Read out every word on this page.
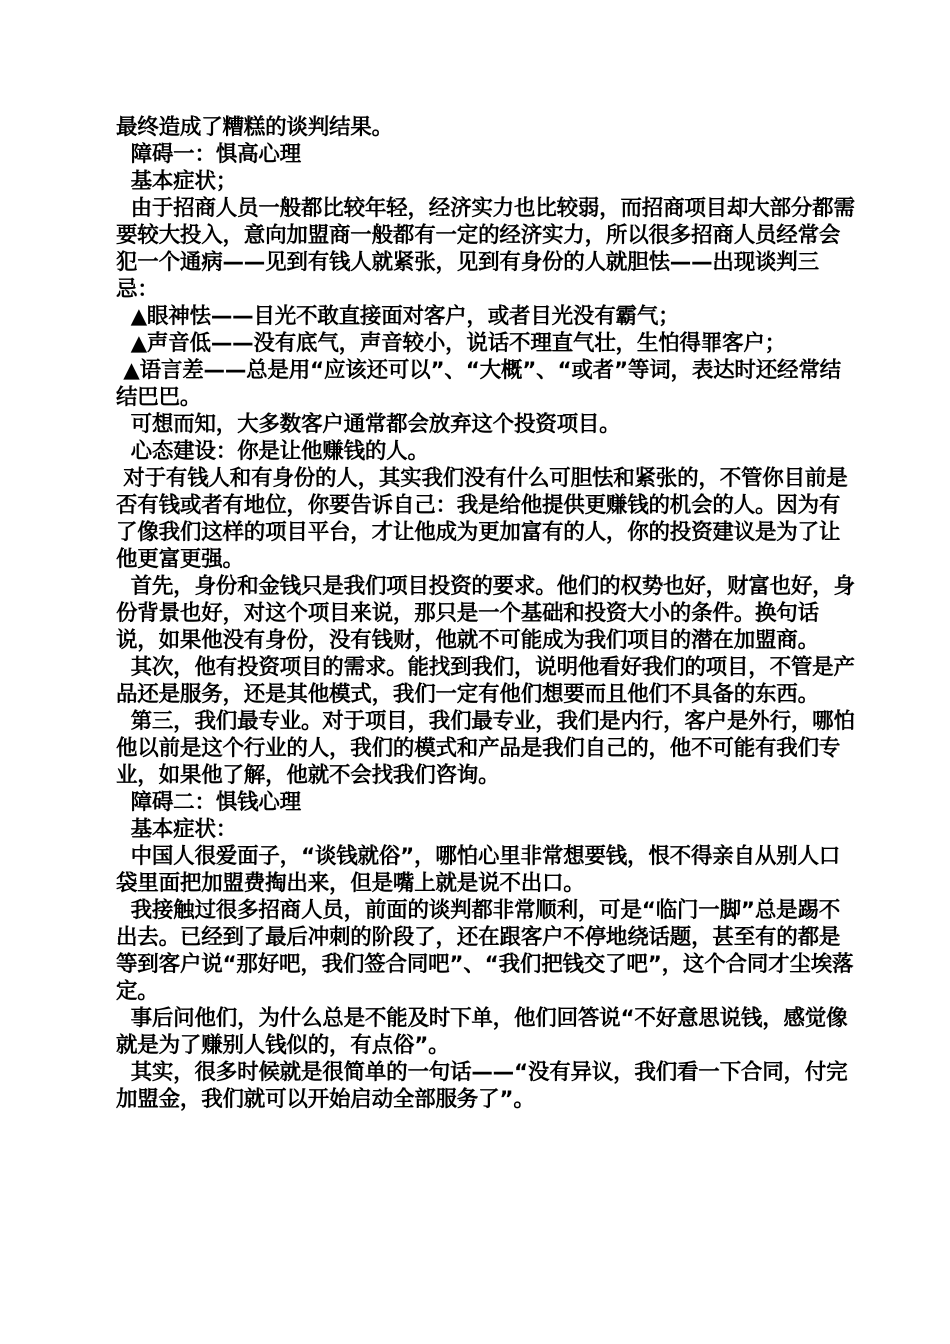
最终造成了糟糕的谈判结果。

障碍一：惧高心理

基本症状；

由于招商人员一般都比较年轻，经济实力也比较弱，而招商项目却大部分都需要较大投入，意向加盟商一般都有一定的经济实力，所以很多招商人员经常会犯一个通病——见到有钱人就紧张，见到有身份的人就胆怯——出现谈判三忌：

▲眼神怯——目光不敢直接面对客户，或者目光没有霸气；

▲声音低——没有底气，声音较小，说话不理直气壮，生怕得罪客户；

▲语言差——总是用“应该还可以”、“大概”、“或者”等词，表达时还经常结结巴巴。

可想而知，大多数客户通常都会放弃这个投资项目。

心态建设：你是让他赚钱的人。

对于有钱人和有身份的人，其实我们没有什么可胆怯和紧张的，不管你目前是否有钱或者有地位，你要告诉自己：我是给他提供更赚钱的机会的人。因为有了像我们这样的项目平台，才让他成为更加富有的人，你的投资建议是为了让他更富更强。

首先，身份和金钱只是我们项目投资的要求。他们的权势也好，财富也好，身份背景也好，对这个项目来说，那只是一个基础和投资大小的条件。换句话说，如果他没有身份，没有钱财，他就不可能成为我们项目的潜在加盟商。

其次，他有投资项目的需求。能找到我们，说明他看好我们的项目，不管是产品还是服务，还是其他模式，我们一定有他们想要而且他们不具备的东西。

第三，我们最专业。对于项目，我们最专业，我们是内行，客户是外行，哪怕他以前是这个行业的人，我们的模式和产品是我们自己的，他不可能有我们专业，如果他了解，他就不会找我们咨询。

障碍二：惧钱心理

基本症状：

中国人很爱面子，“谈钱就俗”，哪怕心里非常想要钱，恨不得亲自从别人口袋里面把加盟费掏出来，但是嘴上就是说不出口。

我接触过很多招商人员，前面的谈判都非常顺利，可是“临门一脚”总是踢不出去。已经到了最后冲刺的阶段了，还在跟客户不停地绕话题，甚至有的都是等到客户说“那好吧，我们签合同吧”、“我们把钱交了吧”，这个合同才尘埃落定。

事后问他们，为什么总是不能及时下单，他们回答说“不好意思说钱，感觉像就是为了赚别人钱似的，有点俗”。

其实，很多时候就是很简单的一句话——“没有异议，我们看一下合同，付完加盟金，我们就可以开始启动全部服务了”。
